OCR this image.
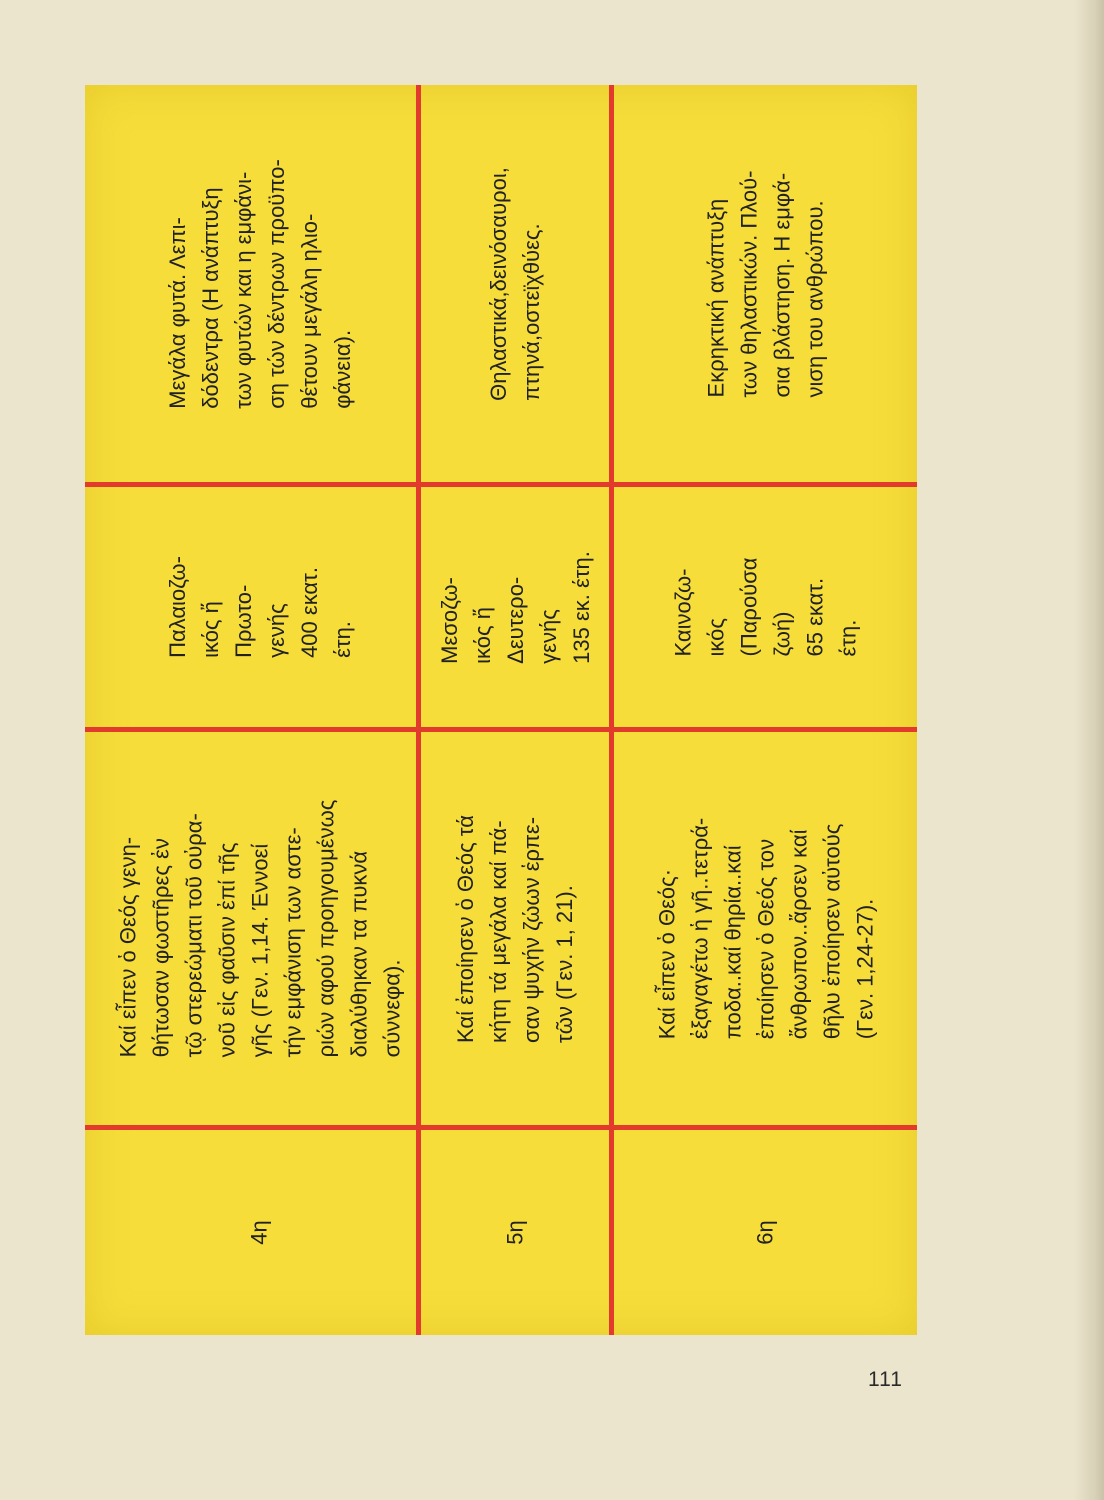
Μεγάλα φυτά. Λεπι-
δόδεντρα (Η ανάπτυξη
των φυτών και η εμφάνι-
ση τών δέντρων προϋπο-
θέτουν μεγάλη ηλιο-
φάνεια).
Παλαιοζω-
ικός ἤ
Πρωτο-
γενής
400 εκατ.
έτη.
Καί εἶπεν ὁ Θεός γενη-
θήτωσαν φωστῆρες ἐν
τῷ στερεώματι τοῦ οὐρα-
νοῦ εἰς φαῦσιν ἐπί τῆς
γῆς (Γεν. 1,14. Έννοεί
τήν εμφάνιση των αστε-
ριών αφού προηγουμένως
διαλύθηκαν τα πυκνά
σύννεφα).
4η
Θηλαστικά,δεινόσαυροι,
πτηνά,οστεϊχθύες.
Μεσοζω-
ικός ἤ
Δευτερο-
γενής
135 εκ. έτη.
Καί ἐποίησεν ὁ Θεός τά
κήτη τά μεγάλα καί πά-
σαν ψυχήν ζώων ἑρπε-
τῶν (Γεν. 1, 21).
5η
Εκρηκτική ανάπτυξη
των θηλαστικών. Πλού-
σια βλάστηση. Η εμφά-
νιση του ανθρώπου.
Καινοζω-
ικός
(Παρούσα
ζωή)
65 εκατ.
έτη.
Καί εἶπεν ὁ Θεός·
ἐξαγαγέτω ἡ γῆ..τετρά-
ποδα..καί θηρία..καί
ἐποίησεν ὁ Θεός τον
ἄνθρωπον..ἄρσεν καί
θῆλυ ἐποίησεν αὐτούς
(Γεν. 1,24-27).
6η
111
